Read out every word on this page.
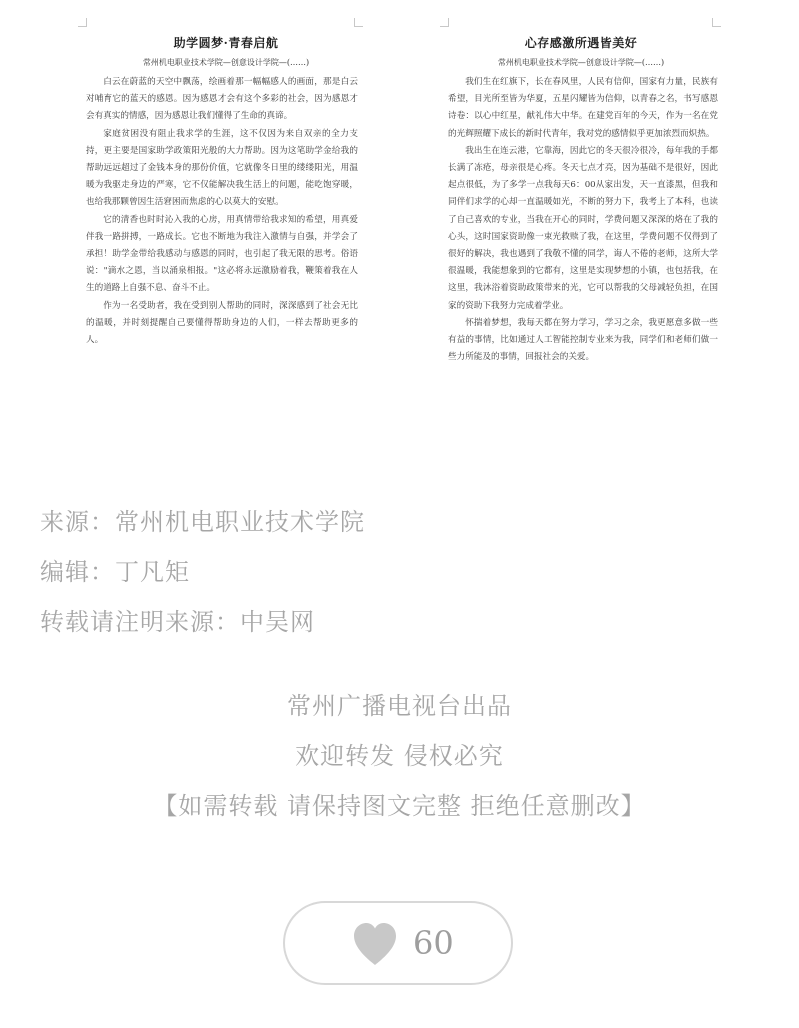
助学圆梦·青春启航
常州机电职业技术学院—创意设计学院—(……)

白云在蔚蓝的天空中飘荡，绘画着那一幅幅感人的画面，那是白云对哺育它的蓝天的感恩。因为感恩才会有这个多彩的社会，因为感恩才会有真实的情感，因为感恩让我们懂得了生命的真谛。

家庭贫困没有阻止我求学的生涯，这不仅因为来自双亲的全力支持，更主要是国家助学政策阳光般的大力帮助。因为这笔助学金给我的帮助远远超过了金钱本身的那份价值，它就像冬日里的缕缕阳光，用温暖为我驱走身边的严寒，它不仅能解决我生活上的问题，能吃饱穿暖，也给我那颗曾因生活窘困而焦虑的心以莫大的安慰。

它的清香也时时沁入我的心房，用真情带给我求知的希望，用真爱伴我一路拼搏，一路成长。它也不断地为我注入激情与自强，并学会了承担！助学金带给我感动与感恩的同时，也引起了我无限的思考。俗语说："滴水之恩，当以涌泉相报。"这必将永远激励着我，鞭策着我在人生的道路上自强不息、奋斗不止。

作为一名受助者，我在受到别人帮助的同时，深深感到了社会无比的温暖，并时刻提醒自己要懂得帮助身边的人们，一样去帮助更多的人。

心存感激所遇皆美好
常州机电职业技术学院—创意设计学院—(……)

我们生在红旗下，长在春风里，人民有信仰，国家有力量，民族有希望，目光所至皆为华夏，五星闪耀皆为信仰，以青春之名，书写感恩诗卷：以心中红星，献礼伟大中华。在建党百年的今天，作为一名在党的光辉照耀下成长的新时代青年，我对党的感情似乎更加浓烈而炽热。

我出生在连云港，它靠海，因此它的冬天很冷很冷，每年我的手都长满了冻疮，母亲很是心疼。冬天七点才亮，因为基础不是很好，因此起点很低，为了多学一点我每天6：00从家出发，天一直漆黑，但我和同伴们求学的心却一直温暖如光，不断的努力下，我考上了本科，也读了自己喜欢的专业，当我在开心的同时，学费问题又深深的烙在了我的心头，这时国家资助像一束光救赎了我，在这里，学费问题不仅得到了很好的解决，我也遇到了我敬不懂的同学，诲人不倦的老师，这所大学很温暖，我能想象到的它都有，这里是实现梦想的小镇，也包括我，在这里，我沐浴着资助政策带来的光，它可以帮我的父母减轻负担，在国家的资助下我努力完成着学业。

怀揣着梦想，我每天都在努力学习，学习之余，我更愿意多做一些有益的事情，比如通过人工智能控制专业来为我，同学们和老师们做一些力所能及的事情，回报社会的关爱。

来源：常州机电职业技术学院
编辑：丁凡矩
转载请注明来源：中吴网
常州广播电视台出品
欢迎转发 侵权必究
【如需转载 请保持图文完整 拒绝任意删改】
60
